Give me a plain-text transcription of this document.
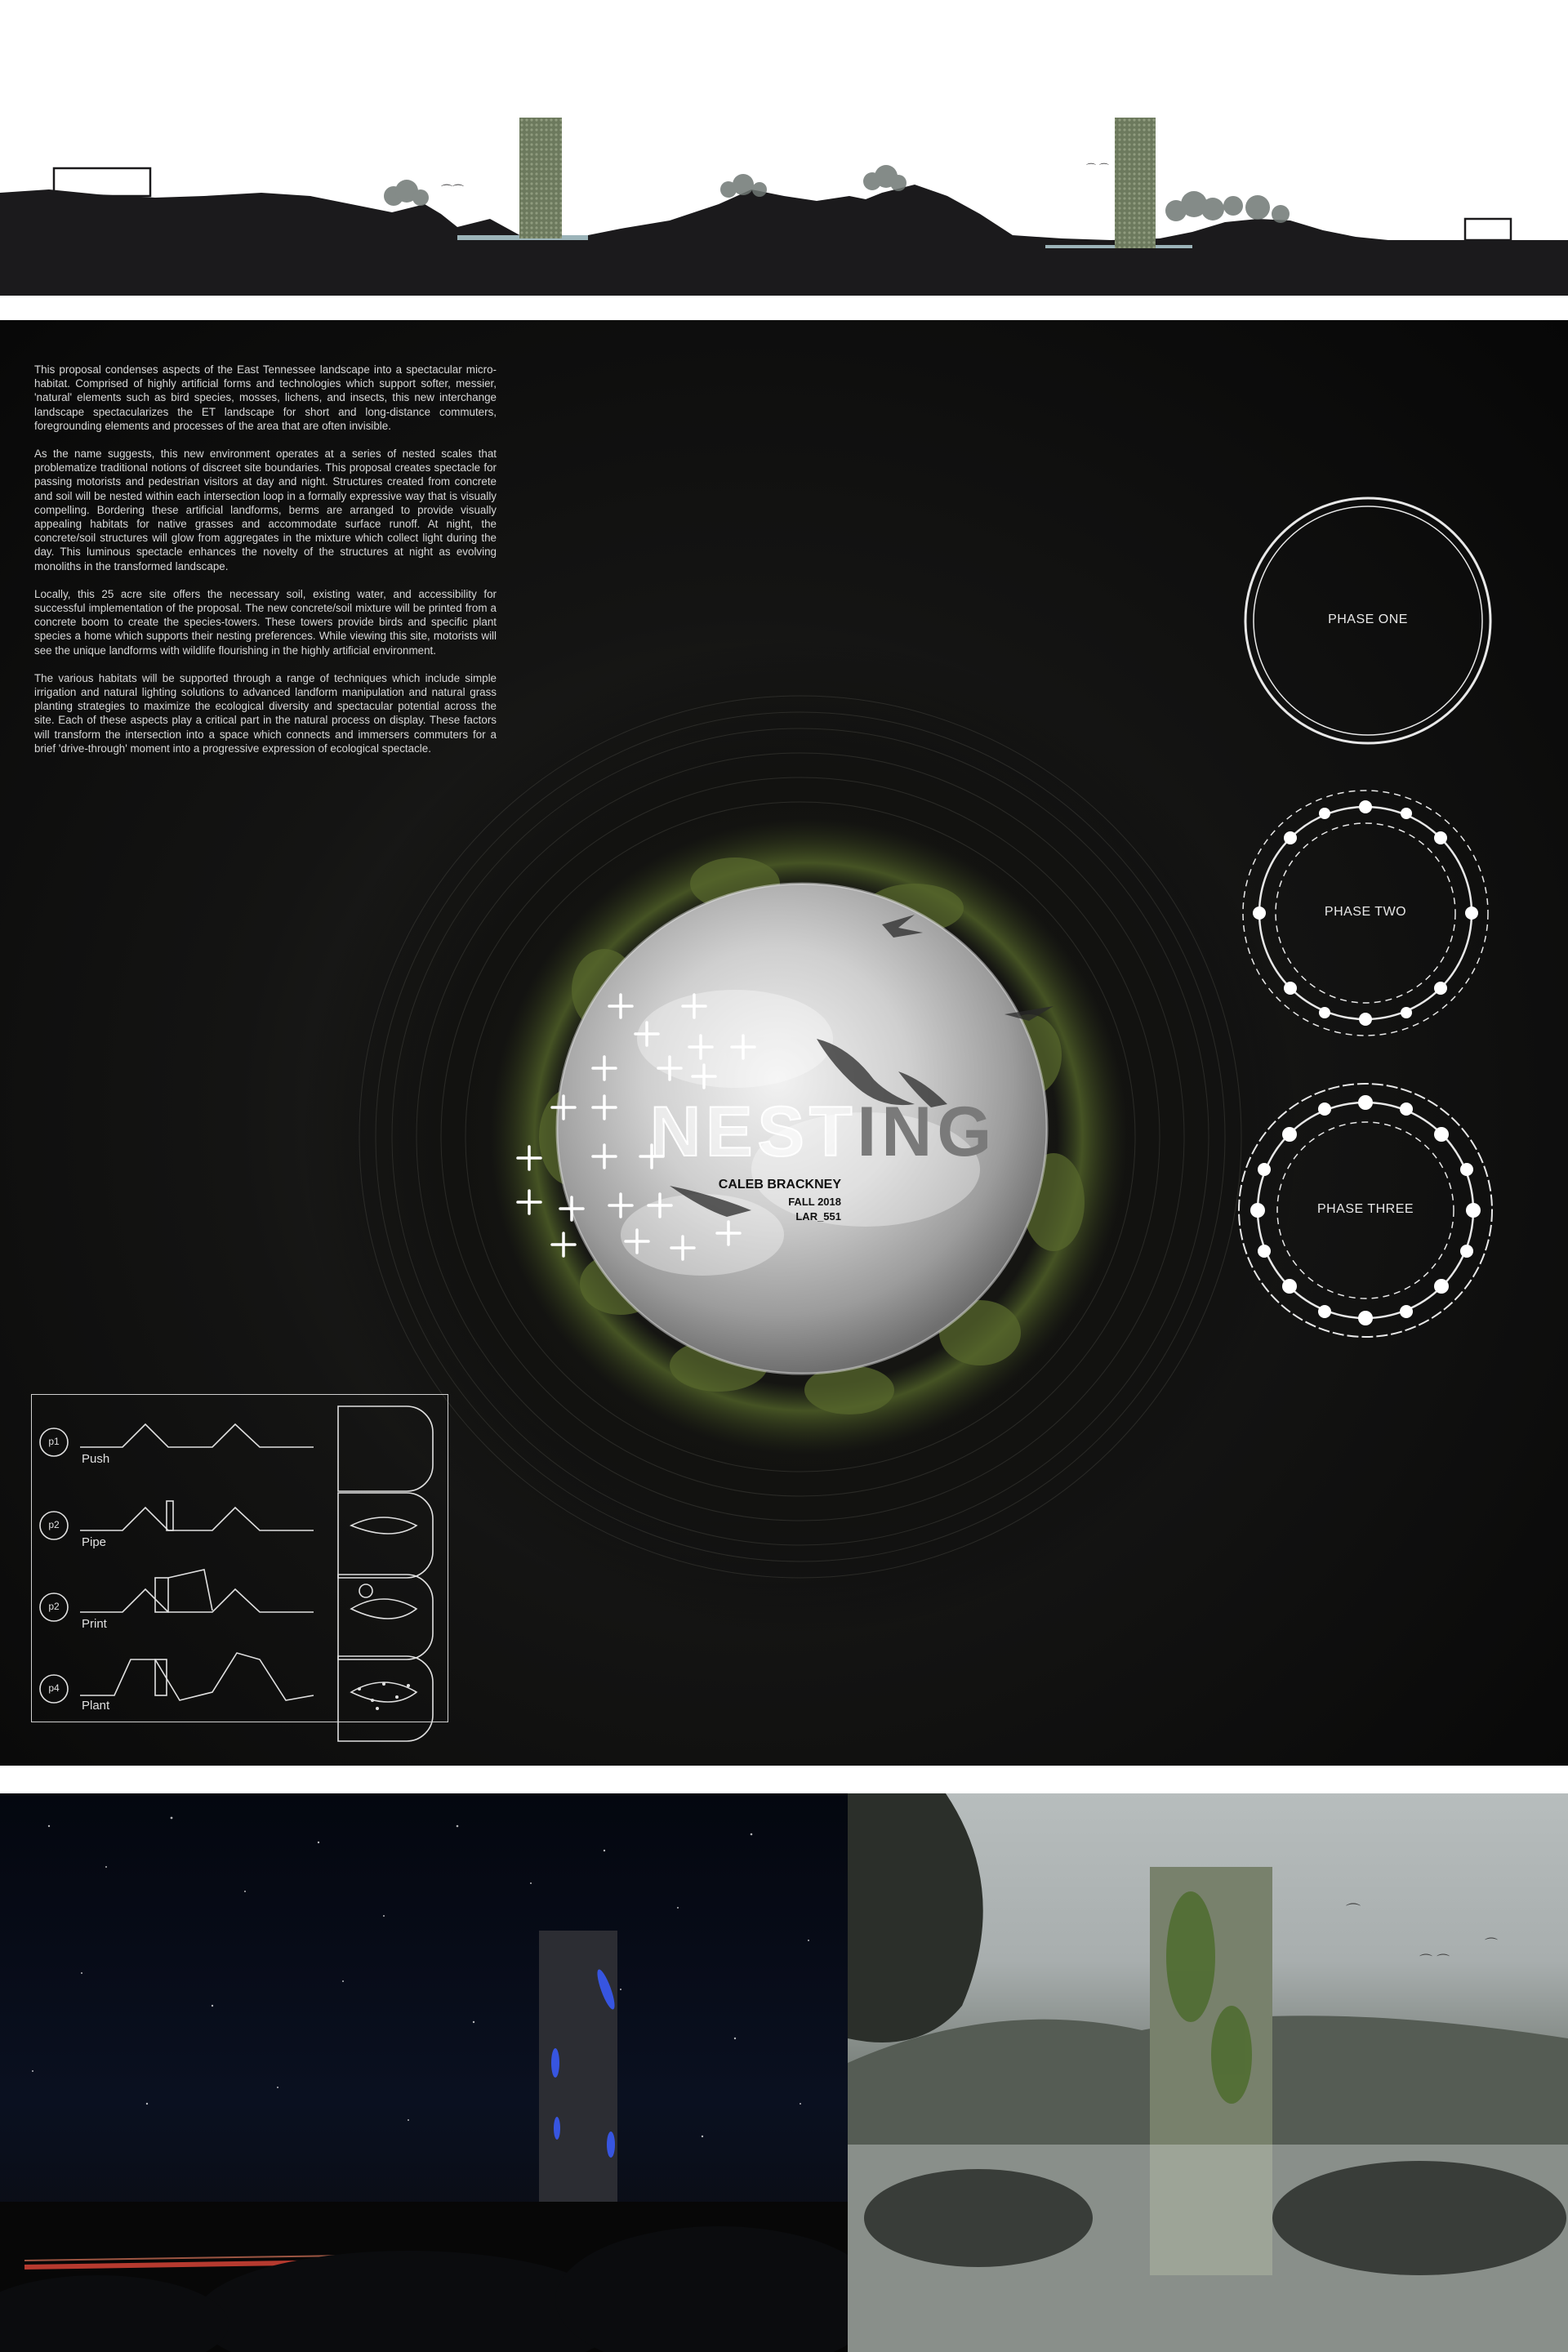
⌒⌒
⌒ ⌒

This proposal condenses aspects of the East Tennessee landscape into a spectacular micro-habitat. Comprised of highly artificial forms and technologies which support softer, messier, 'natural' elements such as bird species, mosses, lichens, and insects, this new interchange landscape spectacularizes the ET landscape for short and long-distance commuters, foregrounding elements and processes of the area that are often invisible.

As the name suggests, this new environment operates at a series of nested scales that problematize traditional notions of discreet site boundaries. This proposal creates spectacle for passing motorists and pedestrian visitors at day and night. Structures created from concrete and soil will be nested within each intersection loop in a formally expressive way that is visually compelling. Bordering these artificial landforms, berms are arranged to provide visually appealing habitats for native grasses and accommodate surface runoff. At night, the concrete/soil structures will glow from aggregates in the mixture which collect light during the day. This luminous spectacle enhances the novelty of the structures at night as evolving monoliths in the transformed landscape.

Locally, this 25 acre site offers the necessary soil, existing water, and accessibility for successful implementation of the proposal. The new concrete/soil mixture will be printed from a concrete boom to create the species-towers. These towers provide birds and specific plant species a home which supports their nesting preferences. While viewing this site, motorists will see the unique landforms with wildlife flourishing in the highly artificial environment.

The various habitats will be supported through a range of techniques which include simple irrigation and natural lighting solutions to advanced landform manipulation and natural grass planting strategies to maximize the ecological diversity and spectacular potential across the site. Each of these aspects play a critical part in the natural process on display. These factors will transform the intersection into a space which connects and immersers commuters for a brief 'drive-through' moment into a progressive expression of ecological spectacle.

PHASE ONE
PHASE TWO
PHASE THREE
NESTING
CALEB BRACKNEY
FALL 2018
LAR_551
p1
Push
p2
Pipe
p2
Print
p4
Plant
⌒
⌒ ⌒
⌒
